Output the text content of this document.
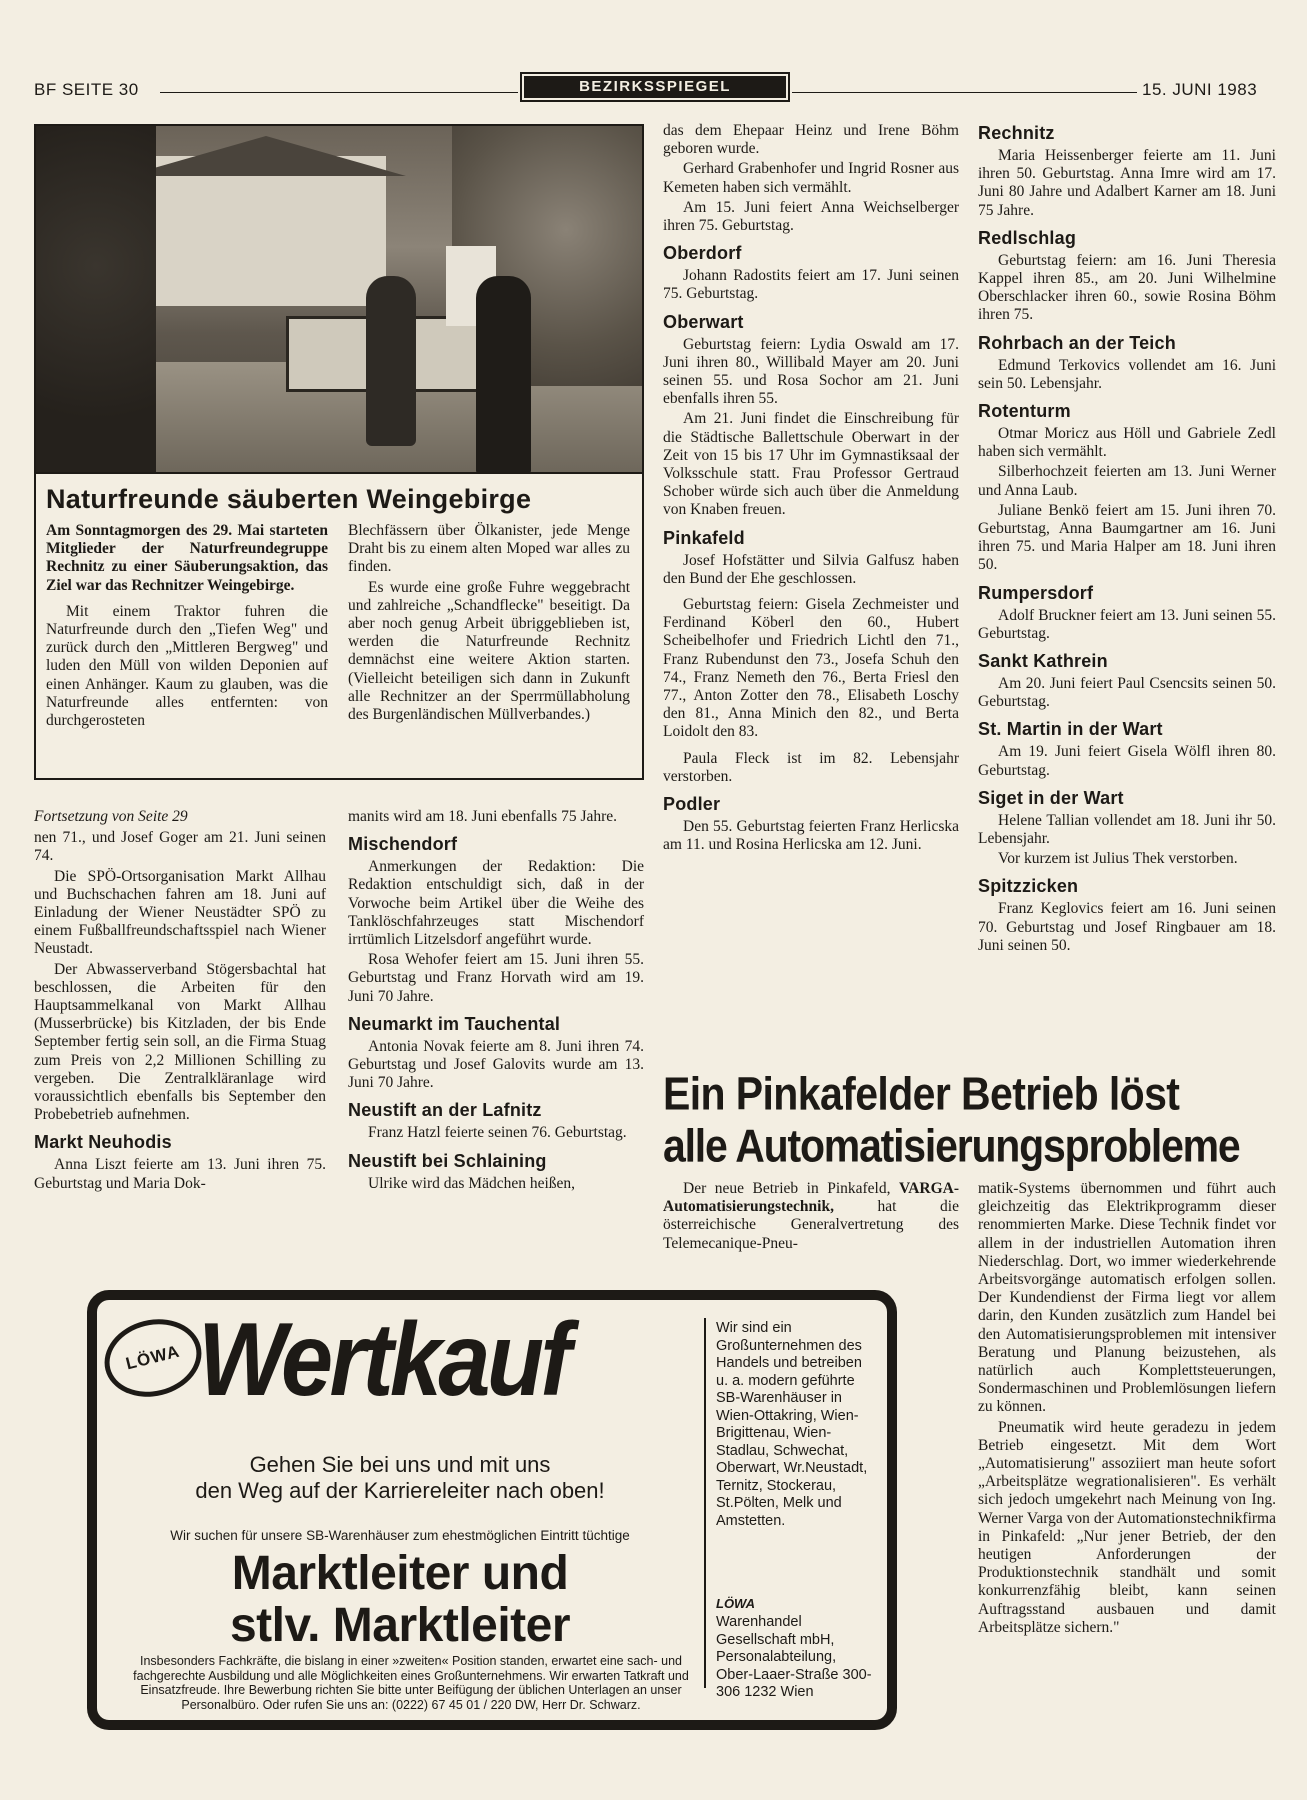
BF SEITE 30	BEZIRKSSPIEGEL	15. JUNI 1983
Naturfreunde säuberten Weingebirge

Am Sonntagmorgen des 29. Mai starteten Mitglieder der Naturfreundegruppe Rechnitz zu einer Säuberungsaktion, das Ziel war das Rechnitzer Weingebirge.

Mit einem Traktor fuhren die Naturfreunde durch den „Tiefen Weg" und zurück durch den „Mittleren Bergweg" und luden den Müll von wilden Deponien auf einen Anhänger. Kaum zu glauben, was die Naturfreunde alles entfernten: von durchgerosteten

Blechfässern über Ölkanister, jede Menge Draht bis zu einem alten Moped war alles zu finden.

Es wurde eine große Fuhre weggebracht und zahlreiche „Schandflecke" beseitigt. Da aber noch genug Arbeit übriggeblieben ist, werden die Naturfreunde Rechnitz demnächst eine weitere Aktion starten. (Vielleicht beteiligen sich dann in Zukunft alle Rechnitzer an der Sperrmüllabholung des Burgenländischen Müllverbandes.)

Fortsetzung von Seite 29

nen 71., und Josef Goger am 21. Juni seinen 74.

Die SPÖ-Ortsorganisation Markt Allhau und Buchschachen fahren am 18. Juni auf Einladung der Wiener Neustädter SPÖ zu einem Fußballfreundschaftsspiel nach Wiener Neustadt.

Der Abwasserverband Stögersbachtal hat beschlossen, die Arbeiten für den Hauptsammelkanal von Markt Allhau (Musserbrücke) bis Kitzladen, der bis Ende September fertig sein soll, an die Firma Stuag zum Preis von 2,2 Millionen Schilling zu vergeben. Die Zentralkläranlage wird voraussichtlich ebenfalls bis September den Probebetrieb aufnehmen.

Markt Neuhodis

Anna Liszt feierte am 13. Juni ihren 75. Geburtstag und Maria Dok-

manits wird am 18. Juni ebenfalls 75 Jahre.

Mischendorf

Anmerkungen der Redaktion: Die Redaktion entschuldigt sich, daß in der Vorwoche beim Artikel über die Weihe des Tanklöschfahrzeuges statt Mischendorf irrtümlich Litzelsdorf angeführt wurde.

Rosa Wehofer feiert am 15. Juni ihren 55. Geburtstag und Franz Horvath wird am 19. Juni 70 Jahre.

Neumarkt im Tauchental

Antonia Novak feierte am 8. Juni ihren 74. Geburtstag und Josef Galovits wurde am 13. Juni 70 Jahre.

Neustift an der Lafnitz

Franz Hatzl feierte seinen 76. Geburtstag.

Neustift bei Schlaining

Ulrike wird das Mädchen heißen,

das dem Ehepaar Heinz und Irene Böhm geboren wurde.

Gerhard Grabenhofer und Ingrid Rosner aus Kemeten haben sich vermählt.

Am 15. Juni feiert Anna Weichselberger ihren 75. Geburtstag.

Oberdorf

Johann Radostits feiert am 17. Juni seinen 75. Geburtstag.

Oberwart

Geburtstag feiern: Lydia Oswald am 17. Juni ihren 80., Willibald Mayer am 20. Juni seinen 55. und Rosa Sochor am 21. Juni ebenfalls ihren 55.

Am 21. Juni findet die Einschreibung für die Städtische Ballettschule Oberwart in der Zeit von 15 bis 17 Uhr im Gymnastiksaal der Volksschule statt. Frau Professor Gertraud Schober würde sich auch über die Anmeldung von Knaben freuen.

Pinkafeld

Josef Hofstätter und Silvia Galfusz haben den Bund der Ehe geschlossen.

Geburtstag feiern: Gisela Zechmeister und Ferdinand Köberl den 60., Hubert Scheibelhofer und Friedrich Lichtl den 71., Franz Rubendunst den 73., Josefa Schuh den 74., Franz Nemeth den 76., Berta Friesl den 77., Anton Zotter den 78., Elisabeth Loschy den 81., Anna Minich den 82., und Berta Loidolt den 83.

Paula Fleck ist im 82. Lebensjahr verstorben.

Podler

Den 55. Geburtstag feierten Franz Herlicska am 11. und Rosina Herlicska am 12. Juni.

Rechnitz

Maria Heissenberger feierte am 11. Juni ihren 50. Geburtstag. Anna Imre wird am 17. Juni 80 Jahre und Adalbert Karner am 18. Juni 75 Jahre.

Redlschlag

Geburtstag feiern: am 16. Juni Theresia Kappel ihren 85., am 20. Juni Wilhelmine Oberschlacker ihren 60., sowie Rosina Böhm ihren 75.

Rohrbach an der Teich

Edmund Terkovics vollendet am 16. Juni sein 50. Lebensjahr.

Rotenturm

Otmar Moricz aus Höll und Gabriele Zedl haben sich vermählt.

Silberhochzeit feierten am 13. Juni Werner und Anna Laub.

Juliane Benkö feiert am 15. Juni ihren 70. Geburtstag, Anna Baumgartner am 16. Juni ihren 75. und Maria Halper am 18. Juni ihren 50.

Rumpersdorf

Adolf Bruckner feiert am 13. Juni seinen 55. Geburtstag.

Sankt Kathrein

Am 20. Juni feiert Paul Csencsits seinen 50. Geburtstag.

St. Martin in der Wart

Am 19. Juni feiert Gisela Wölfl ihren 80. Geburtstag.

Siget in der Wart

Helene Tallian vollendet am 18. Juni ihr 50. Lebensjahr.

Vor kurzem ist Julius Thek verstorben.

Spitzzicken

Franz Keglovics feiert am 16. Juni seinen 70. Geburtstag und Josef Ringbauer am 18. Juni seinen 50.

Ein Pinkafelder Betrieb löst
alle Automatisierungsprobleme

Der neue Betrieb in Pinkafeld, VARGA-Automatisierungstechnik, hat die österreichische Generalvertretung des Telemecanique-Pneu-

matik-Systems übernommen und führt auch gleichzeitig das Elektrikprogramm dieser renommierten Marke. Diese Technik findet vor allem in der industriellen Automation ihren Niederschlag. Dort, wo immer wiederkehrende Arbeitsvorgänge automatisch erfolgen sollen. Der Kundendienst der Firma liegt vor allem darin, den Kunden zusätzlich zum Handel bei den Automatisierungsproblemen mit intensiver Beratung und Planung beizustehen, als natürlich auch Komplettsteuerungen, Sondermaschinen und Problemlösungen liefern zu können.

Pneumatik wird heute geradezu in jedem Betrieb eingesetzt. Mit dem Wort „Automatisierung" assoziiert man heute sofort „Arbeitsplätze wegrationalisieren". Es verhält sich jedoch umgekehrt nach Meinung von Ing. Werner Varga von der Automationstechnikfirma in Pinkafeld: „Nur jener Betrieb, der den heutigen Anforderungen der Produktionstechnik standhält und somit konkurrenzfähig bleibt, kann seinen Auftragsstand ausbauen und damit Arbeitsplätze sichern."

LÖWA Wertkauf
Gehen Sie bei uns und mit uns
den Weg auf der Karriereleiter nach oben!
Wir suchen für unsere SB-Warenhäuser zum ehestmöglichen Eintritt tüchtige
Marktleiter und
stlv. Marktleiter
Insbesonders Fachkräfte, die bislang in einer »zweiten« Position standen, erwartet eine sach- und fachgerechte Ausbildung und alle Möglichkeiten eines Großunternehmens. Wir erwarten Tatkraft und Einsatzfreude. Ihre Bewerbung richten Sie bitte unter Beifügung der üblichen Unterlagen an unser Personalbüro. Oder rufen Sie uns an: (0222) 67 45 01 / 220 DW, Herr Dr. Schwarz.
Wir sind ein Großunternehmen des Handels und betreiben u. a. modern geführte SB-Warenhäuser in Wien-Ottakring, Wien-Brigittenau, Wien-Stadlau, Schwechat, Oberwart, Wr.Neustadt, Ternitz, Stockerau, St.Pölten, Melk und Amstetten.
LÖWA
Warenhandel Gesellschaft mbH, Personalabteilung, Ober-Laaer-Straße 300-306 1232 Wien
